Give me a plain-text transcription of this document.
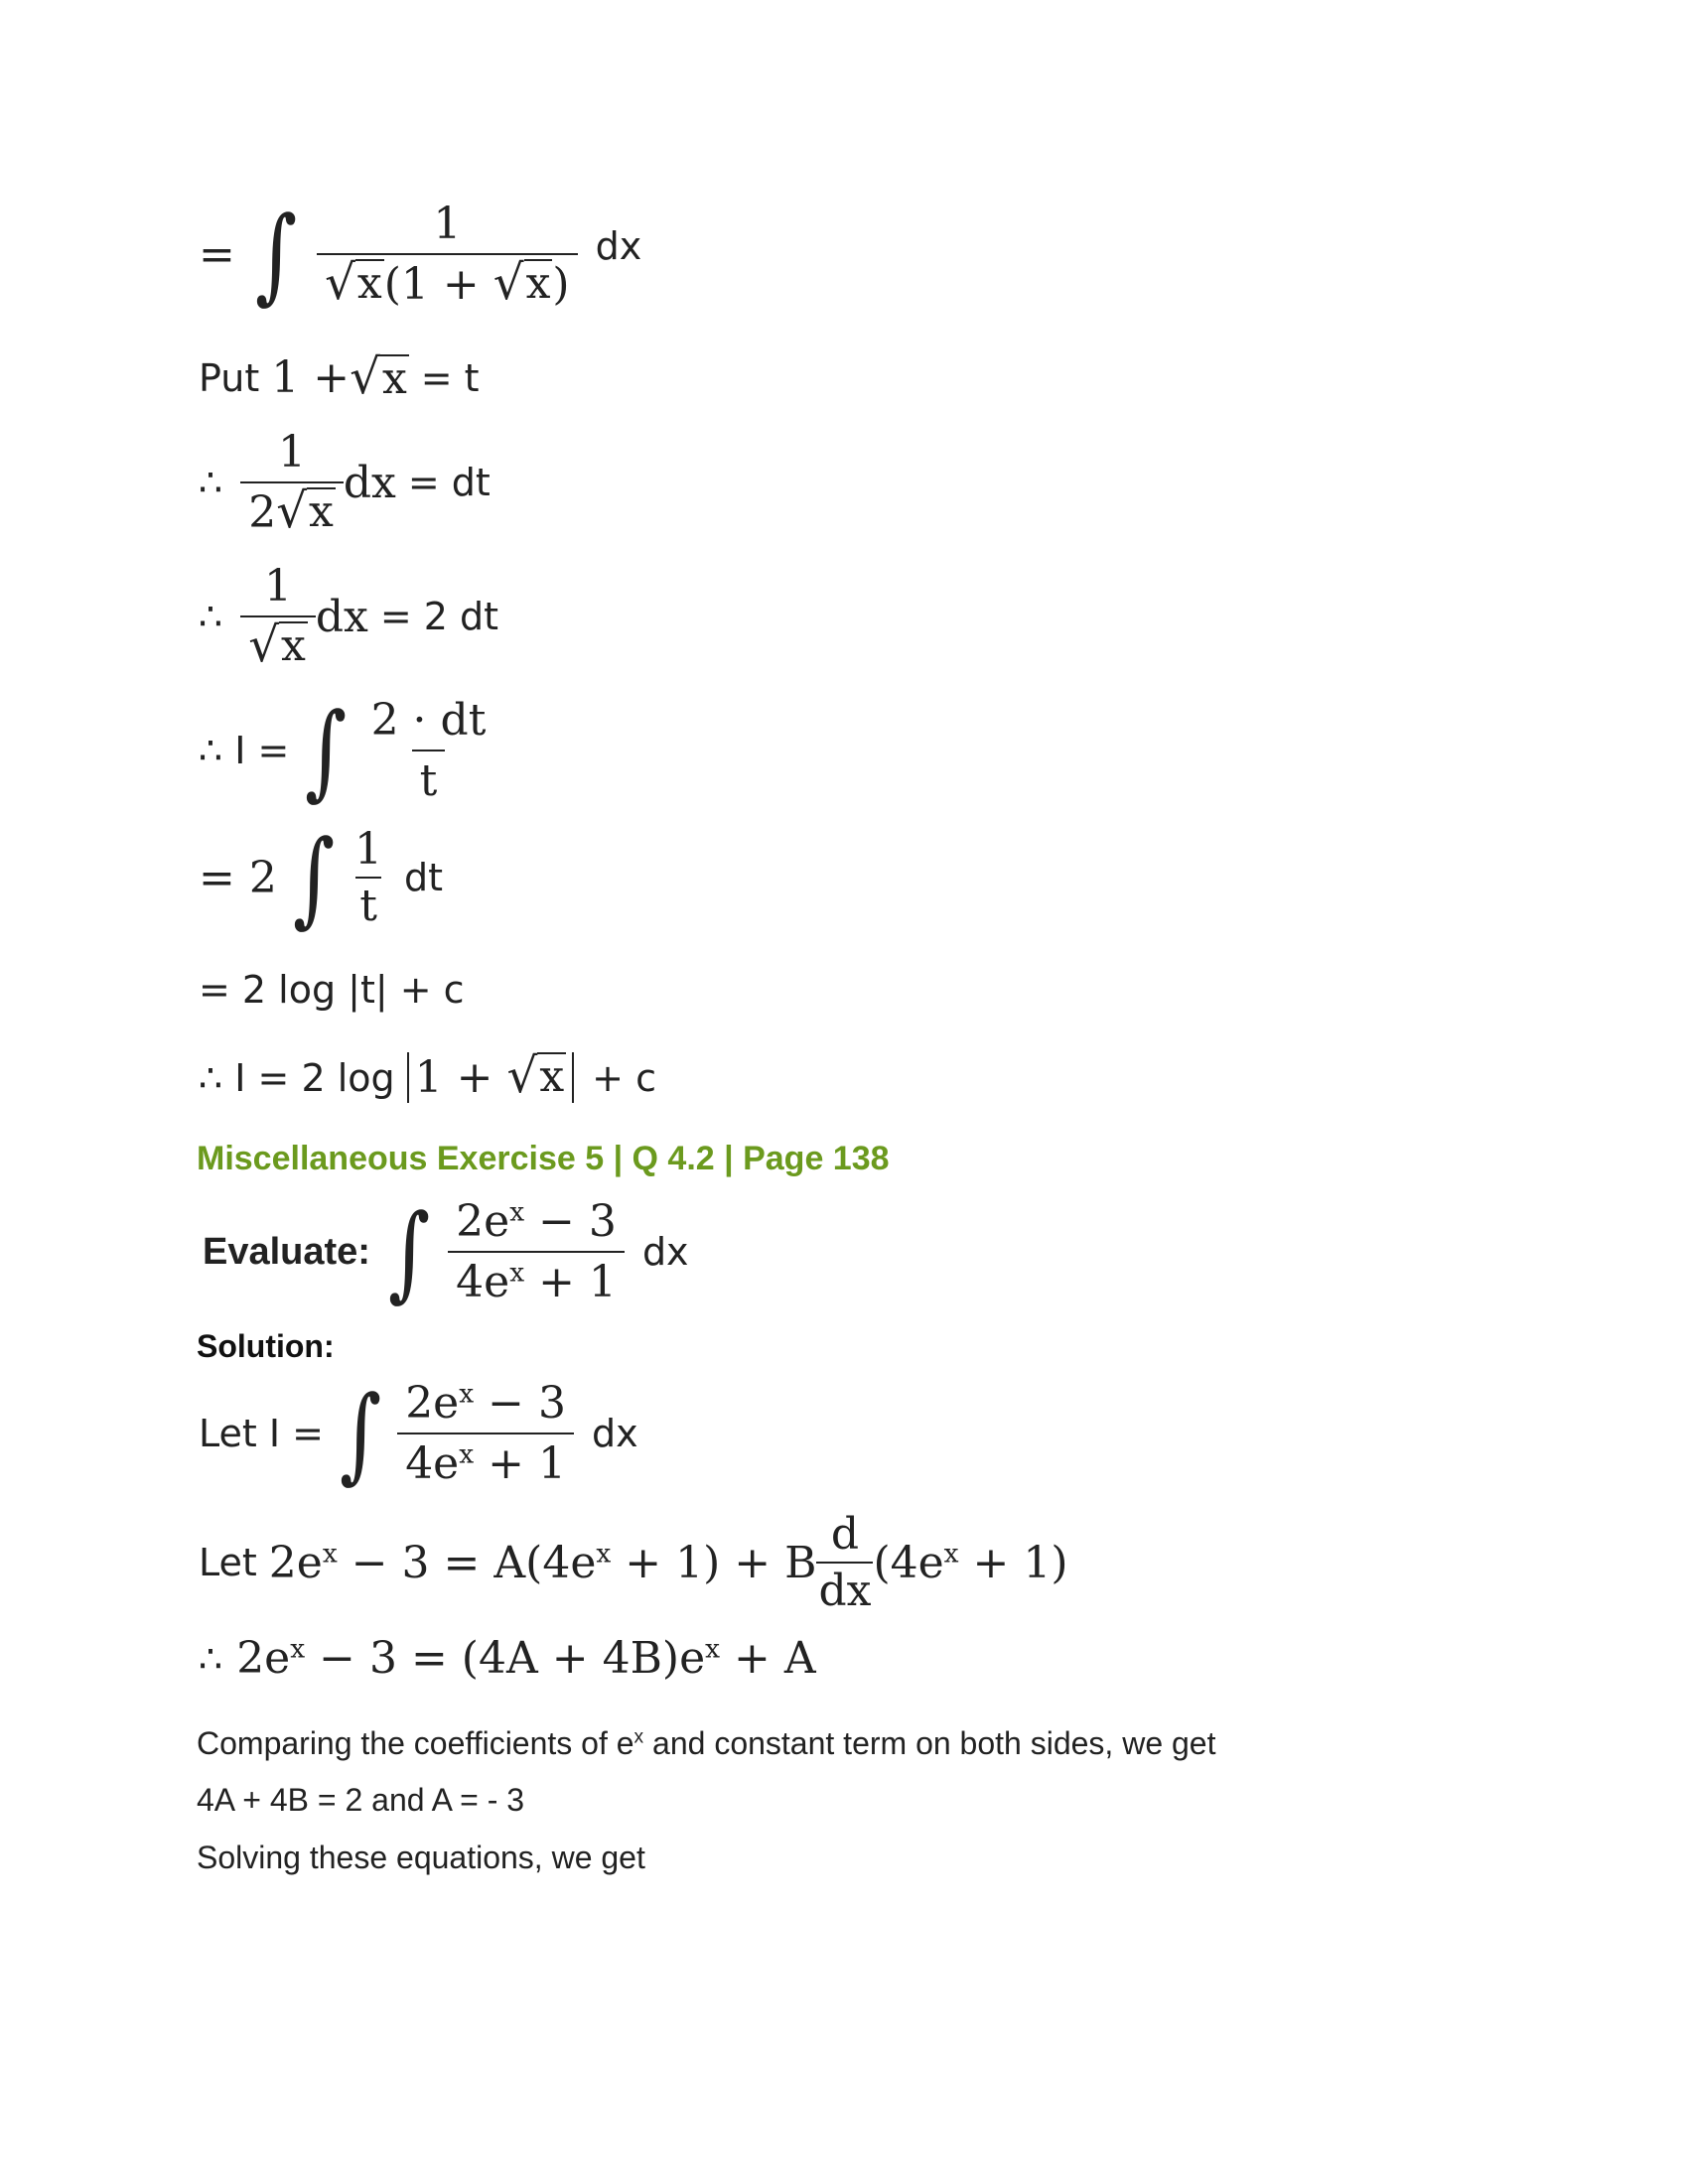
= ∫ $\frac{1}{√ x (1 + √ x )}$ dx
Put 1 + √ x = t
∴ $\frac{1}{2 √ x}$ dx = dt
∴ $\frac{1}{√ x}$ dx = 2 dt
∴ I = ∫ $\frac{2 \cdot dt}{t}$
= 2 ∫ $\frac{1}{t}$ dt
= 2 log |t| + c
∴ I = 2 log 1 + √ x + c
Miscellaneous Exercise 5 | Q 4.2 | Page 138
Evaluate: ∫ $\frac{2e^x - 3}{4e^x + 1}$ dx
Solution:
Let I = ∫ $\frac{2e^x - 3}{4e^x + 1}$ dx
Let $2e^x - 3 = A(4e^x + 1) + B \frac{d}{dx} (4e^x + 1)$
∴ $2e^x - 3 = (4A + 4B)e^x + A$
Comparing the coefficients of $e^x$ and constant term on both sides, we get
4A + 4B = 2 and A = - 3
Solving these equations, we get
